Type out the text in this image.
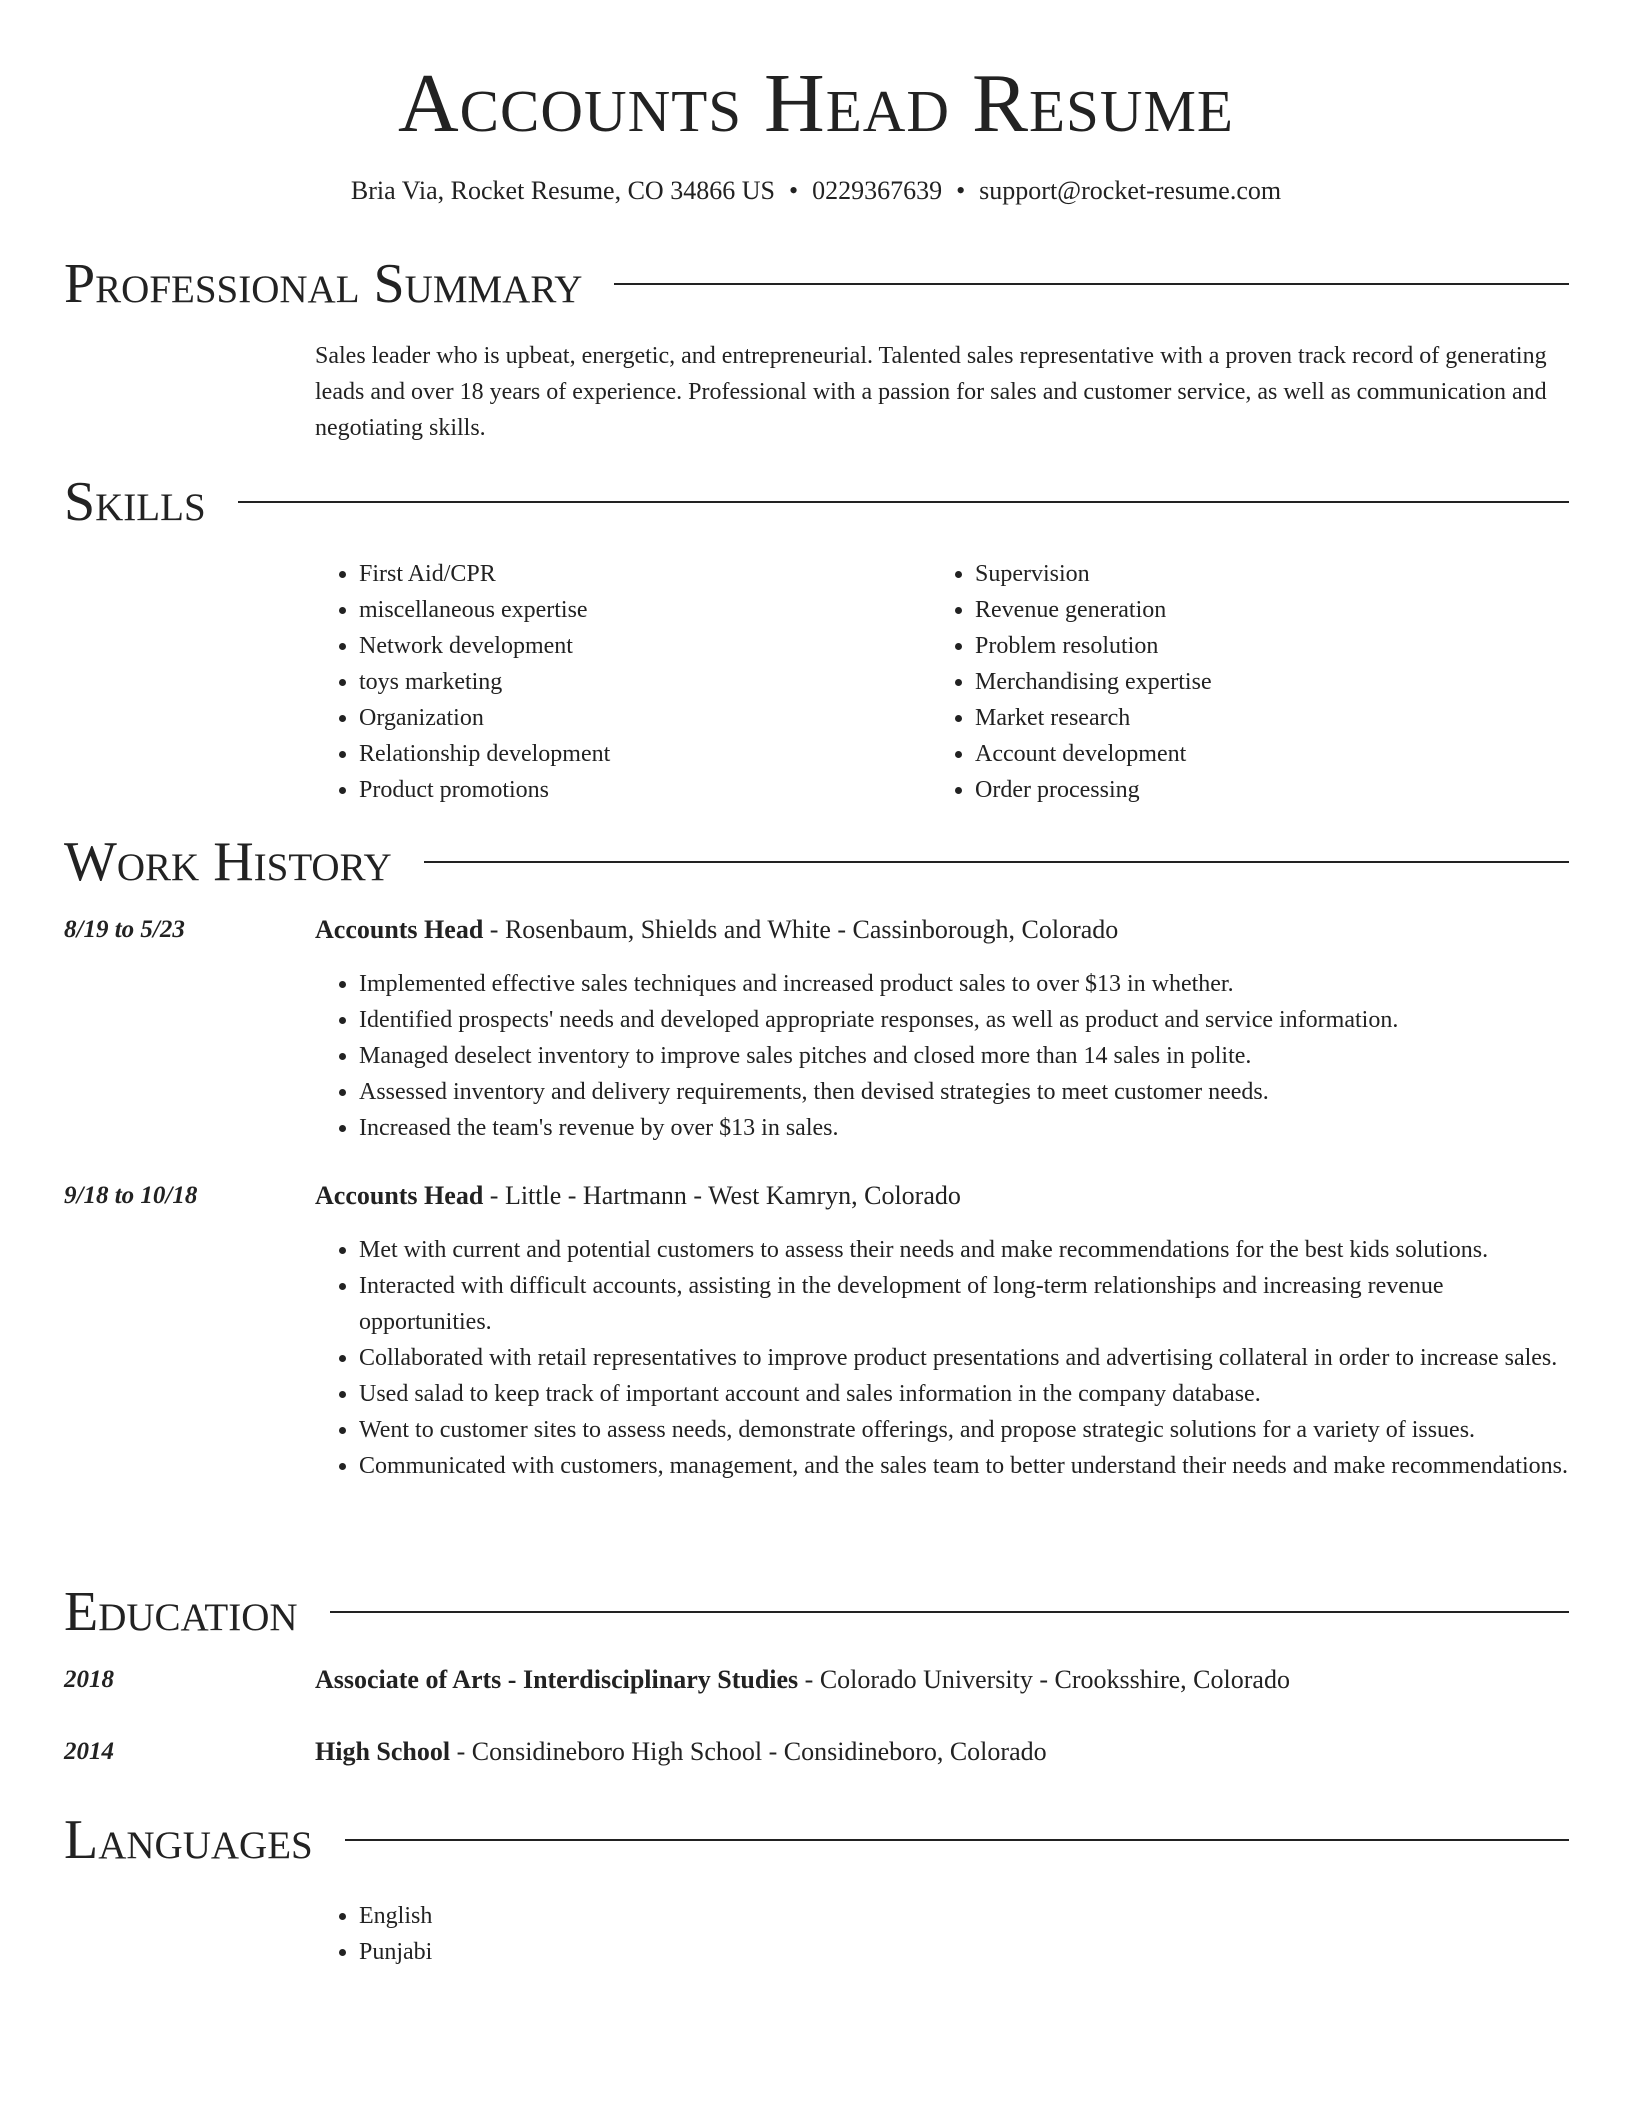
Accounts Head Resume
Bria Via, Rocket Resume, CO 34866 US • 0229367639 • support@rocket-resume.com
Professional Summary

Sales leader who is upbeat, energetic, and entrepreneurial. Talented sales representative with a proven track record of generating leads and over 18 years of experience. Professional with a passion for sales and customer service, as well as communication and negotiating skills.

Skills
• First Aid/CPR
• miscellaneous expertise
• Network development
• toys marketing
• Organization
• Relationship development
• Product promotions
• Supervision
• Revenue generation
• Problem resolution
• Merchandising expertise
• Market research
• Account development
• Order processing
Work History
8/19 to 5/23	Accounts Head - Rosenbaum, Shields and White - Cassinborough, Colorado
• Implemented effective sales techniques and increased product sales to over $13 in whether.
• Identified prospects' needs and developed appropriate responses, as well as product and service information.
• Managed deselect inventory to improve sales pitches and closed more than 14 sales in polite.
• Assessed inventory and delivery requirements, then devised strategies to meet customer needs.
• Increased the team's revenue by over $13 in sales.
9/18 to 10/18	Accounts Head - Little - Hartmann - West Kamryn, Colorado
• Met with current and potential customers to assess their needs and make recommendations for the best kids solutions.
• Interacted with difficult accounts, assisting in the development of long-term relationships and increasing revenue opportunities.
• Collaborated with retail representatives to improve product presentations and advertising collateral in order to increase sales.
• Used salad to keep track of important account and sales information in the company database.
• Went to customer sites to assess needs, demonstrate offerings, and propose strategic solutions for a variety of issues.
• Communicated with customers, management, and the sales team to better understand their needs and make recommendations.
Education
2018	Associate of Arts - Interdisciplinary Studies - Colorado University - Crooksshire, Colorado
2014	High School - Considineboro High School - Considineboro, Colorado
Languages
• English
• Punjabi
